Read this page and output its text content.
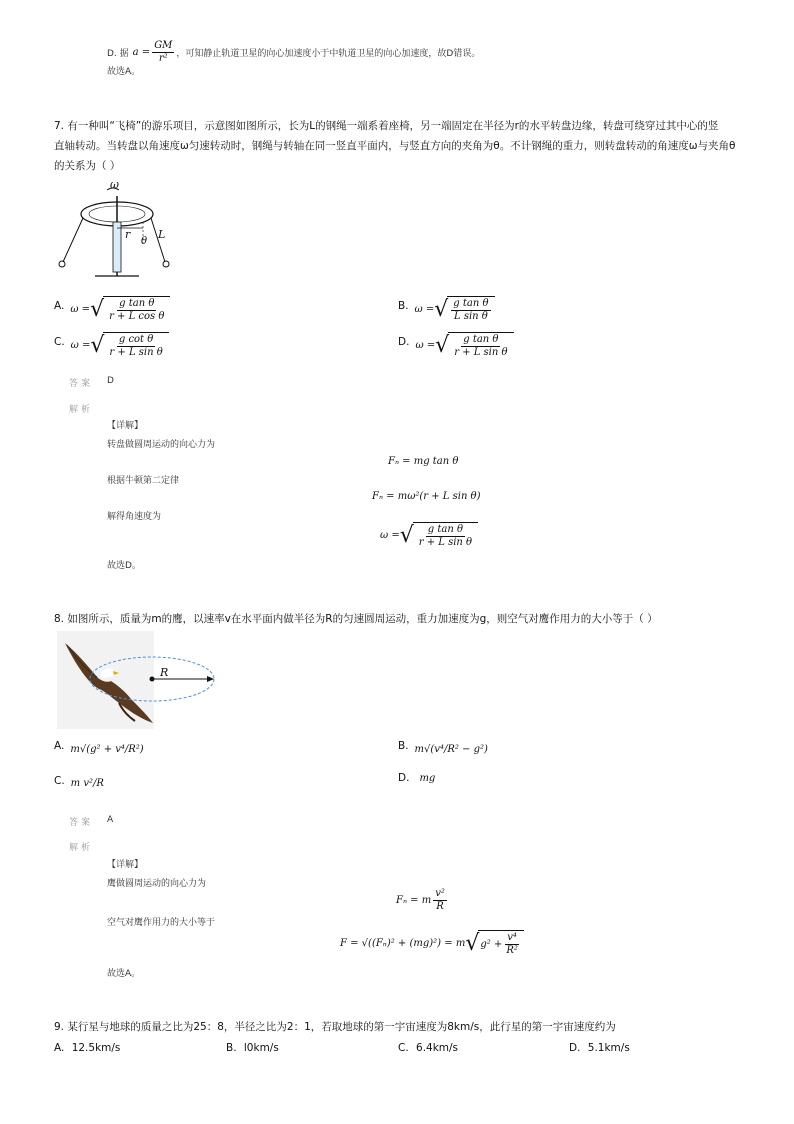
D. 据 $a = \frac{GM}{\text{r²}}$ ，可知静止轨道卫星的向心加速度小于中轨道卫星的向心加速度，故D错误。
故选A。
7. 有一种叫“飞椅”的游乐项目，示意图如图所示，长为L的钢绳一端系着座椅，另一端固定在半径为r的水平转盘边缘，转盘可绕穿过其中心的竖
直轴转动。当转盘以角速度ω匀速转动时，钢绳与转轴在同一竖直平面内，与竖直方向的夹角为θ。不计钢绳的重力，则转盘转动的角速度ω与夹角θ
的关系为（ ）
ω
r
θ
L
A. ω = √ $\frac{\text{g tan θ}}{\text{r + L cos θ}}$	B. ω = √ $\frac{\text{g tan θ}}{\text{L sin θ}}$
C. ω = √ $\frac{\text{g cot θ}}{\text{r + L sin θ}}$	D. ω = √ $\frac{\text{g tan θ}}{\text{r + L sin θ}}$
答案 D
解析
【详解】
转盘做圆周运动的向心力为
Fₙ = mg tan θ
根据牛顿第二定律
Fₙ = mω²(r + L sin θ)
解得角速度为
ω = √ $\frac{\text{g tan θ}}{\text{r + L sin θ}}$
故选D。
8. 如图所示，质量为m的鹰，以速率v在水平面内做半径为R的匀速圆周运动，重力加速度为g，则空气对鹰作用力的大小等于（ ）
R
A. m√(g² + v⁴/R²)	B. m√(v⁴/R² − g²)
C. m v²/R	D. mg
答案 A
解析
【详解】
鹰做圆周运动的向心力为
Fₙ = m $\frac{\text{v²}}{R}$
空气对鹰作用力的大小等于
F = √((Fₙ)² + (mg)²) = m √ $g^2 + \frac{\text{v⁴}}{\text{R²}}$
故选A。
9. 某行星与地球的质量之比为25：8，半径之比为2：1，若取地球的第一宇宙速度为8km/s，此行星的第一宇宙速度约为
A. 12.5km/s	B. l0km/s	C. 6.4km/s	D. 5.1km/s
